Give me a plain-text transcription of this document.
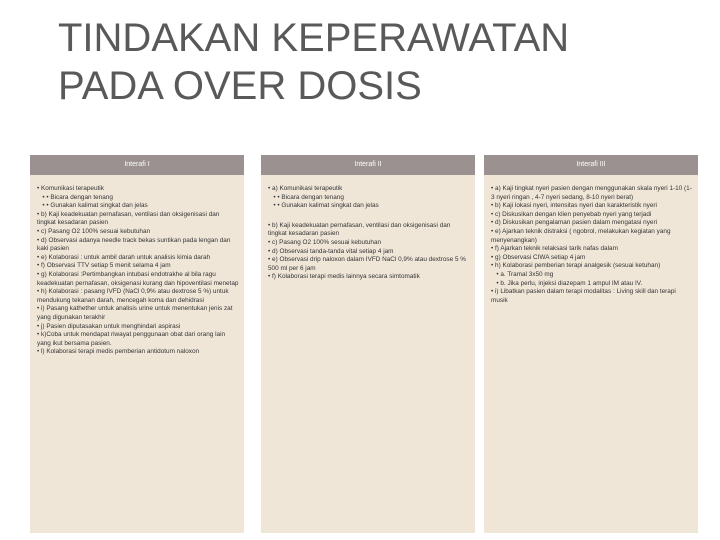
TINDAKAN KEPERAWATAN
PADA OVER DOSIS
Interafi I
• Komunikasi terapeutik
• • Bicara dengan tenang
• • Gunakan kalimat singkat dan jelas
• b) Kaji keadekuatan pernafasan, ventilasi dan oksigenisasi dan tingkat kesadaran pasien
• c) Pasang O2 100% sesuai kebutuhan
• d) Observasi adanya needle track bekas suntikan pada lengan dan kaki pasien
• e) Kolaborasi : untuk ambil darah untuk analisis kimia darah
• f) Observasi TTV setiap 5 menit selama 4 jam
• g) Kolaborasi :Pertimbangkan intubasi endotrakhe al bila ragu keadekuatan pernafasan, oksigenasi kurang dan hipoventilasi menetap
• h) Kolaborasi : pasang IVFD (NaCl 0,9% atau dextrose 5 %) untuk mendukung tekanan darah, mencegah koma dan dehidrasi
• i) Pasang kathether untuk analisis urine untuk menentukan jenis zat yang digunakan terakhir
• j) Pasien diputasakan untuk menghindari aspirasi
• k)Coba untuk mendapat riwayat penggunaan obat dari orang lain yang ikut bersama pasien.
• l) Kolaborasi terapi medis pemberian antidotum naloxon
Interafi II
• a) Komunikasi terapeutik
• • Bicara dengan tenang
• • Gunakan kalimat singkat dan jelas
• b) Kaji keadekuatan pernafasan, ventilasi dan oksigenisasi dan tingkat kesadaran pasien
• c) Pasang O2 100% sesuai kebutuhan
• d) Observasi tanda-tanda vital setiap 4 jam
• e) Observasi drip naloxon dalam IVFD NaCl 0,9% atau dextrose 5 % 500 ml per 6 jam
• f) Kolaborasi terapi medis lainnya secara simtomatik
Interafi III
• a) Kaji tingkat nyeri pasien dengan menggunakan skala nyeri 1-10 (1-3 nyeri ringan , 4-7 nyeri sedang, 8-10 nyeri berat)
• b) Kaji lokasi nyeri, intensitas nyeri dan karakteristik nyeri
• c) Diskusikan dengan klien penyebab nyeri yang terjadi
• d) Diskusikan pengalaman pasien dalam mengatasi nyeri
• e) Ajarkan teknik distraksi ( ngobrol, melakukan kegiatan yang menyenangkan)
• f) Ajarkan teknik relaksasi tarik nafas dalam
• g) Observasi CIWA setiap 4 jam
• h) Kolaborasi pemberian terapi analgesik (sesuai ketuhan)
• a. Tramal 3x50 mg
• b. Jika perlu, injeksi diazepam 1 ampul IM atau IV.
• i) Libatkan pasien dalam terapi modalitas : Living skill dan terapi musik
